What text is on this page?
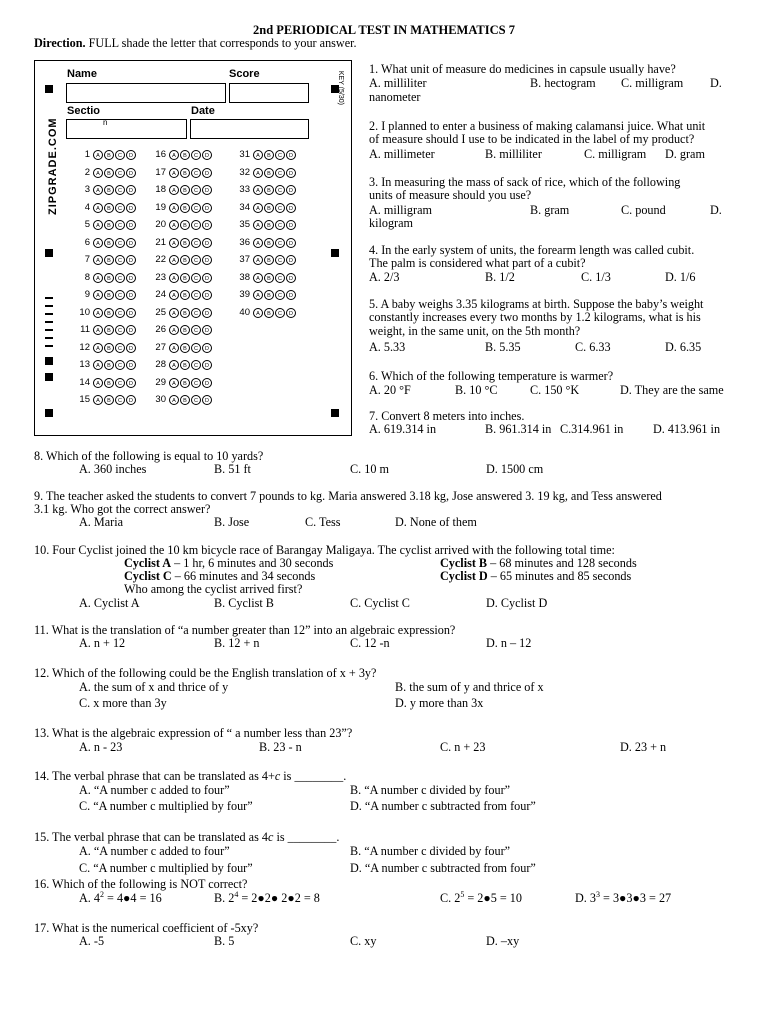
2nd PERIODICAL TEST IN MATHEMATICS 7
Direction. FULL shade the letter that corresponds to your answer.
Name	Score
Sectio
n
Date
ZIPGRADE.COM
KEY (5/30)
1	A	B	C	D
2	A	B	C	D
3	A	B	C	D
4	A	B	C	D
5	A	B	C	D
6	A	B	C	D
7	A	B	C	D
8	A	B	C	D
9	A	B	C	D
10	A	B	C	D
11	A	B	C	D
12	A	B	C	D
13	A	B	C	D
14	A	B	C	D
15	A	B	C	D
16	A	B	C	D
17	A	B	C	D
18	A	B	C	D
19	A	B	C	D
20	A	B	C	D
21	A	B	C	D
22	A	B	C	D
23	A	B	C	D
24	A	B	C	D
25	A	B	C	D
26	A	B	C	D
27	A	B	C	D
28	A	B	C	D
29	A	B	C	D
30	A	B	C	D
31	A	B	C	D
32	A	B	C	D
33	A	B	C	D
34	A	B	C	D
35	A	B	C	D
36	A	B	C	D
37	A	B	C	D
38	A	B	C	D
39	A	B	C	D
40	A	B	C	D
1. What unit of measure do medicines in capsule usually have?
A. milliliter	B. hectogram C. milligram D.
nanometer
2. I planned to enter a business of making calamansi juice. What unit
of measure should I use to be indicated in the label of my product?
A. millimeter	B. milliliter	C. milligram D. gram
3. In measuring the mass of sack of rice, which of the following
units of measure should you use?
A. milligram	B. gram	C. pound	D.
kilogram
4. In the early system of units, the forearm length was called cubit.
The palm is considered what part of a cubit?
A. 2/3	B. 1/2	C. 1/3	D. 1/6
5. A baby weighs 3.35 kilograms at birth. Suppose the baby’s weight
constantly increases every two months by 1.2 kilograms, what is his
weight, in the same unit, on the 5th month?
A. 5.33	B. 5.35	C. 6.33	D. 6.35
6. Which of the following temperature is warmer?
A. 20 °F	B. 10 °C	C. 150 °K	D. They are the same
7. Convert 8 meters into inches.
A. 619.314 in	B. 961.314 in C.314.961 in D. 413.961 in
8. Which of the following is equal to 10 yards?
A. 360 inches	B. 51 ft	C. 10 m	D. 1500 cm
9. The teacher asked the students to convert 7 pounds to kg. Maria answered 3.18 kg, Jose answered 3. 19 kg, and Tess answered
3.1 kg. Who got the correct answer?
A. Maria	B. Jose	C. Tess	D. None of them
10. Four Cyclist joined the 10 km bicycle race of Barangay Maligaya. The cyclist arrived with the following total time:
Cyclist A – 1 hr, 6 minutes and 30 seconds	Cyclist B – 68 minutes and 128 seconds
Cyclist C – 66 minutes and 34 seconds	Cyclist D – 65 minutes and 85 seconds
Who among the cyclist arrived first?
A. Cyclist A	B. Cyclist B	C. Cyclist C	D. Cyclist D
11. What is the translation of “a number greater than 12” into an algebraic expression?
A. n + 12	B. 12 + n	C. 12 -n	D. n – 12
12. Which of the following could be the English translation of x + 3y?
A. the sum of x and thrice of y	B. the sum of y and thrice of x
C. x more than 3y	D. y more than 3x
13. What is the algebraic expression of “ a number less than 23”?
A. n - 23	B. 23 - n	C. n + 23	D. 23 + n
14. The verbal phrase that can be translated as 4+c is ________.
A. “A number c added to four”	B. “A number c divided by four”
C. “A number c multiplied by four”	D. “A number c subtracted from four”
15. The verbal phrase that can be translated as 4c is ________.
A. “A number c added to four”	B. “A number c divided by four”
C. “A number c multiplied by four”	D. “A number c subtracted from four”
16. Which of the following is NOT correct?
A. $4^2$ = 4●4 = 16	B. $2^4$ = 2●2● 2●2 = 8	C. $2^5$ = 2●5 = 10	D. $3^3$ = 3●3●3 = 27
17. What is the numerical coefficient of -5xy?
A. -5	B. 5	C. xy	D. –xy
